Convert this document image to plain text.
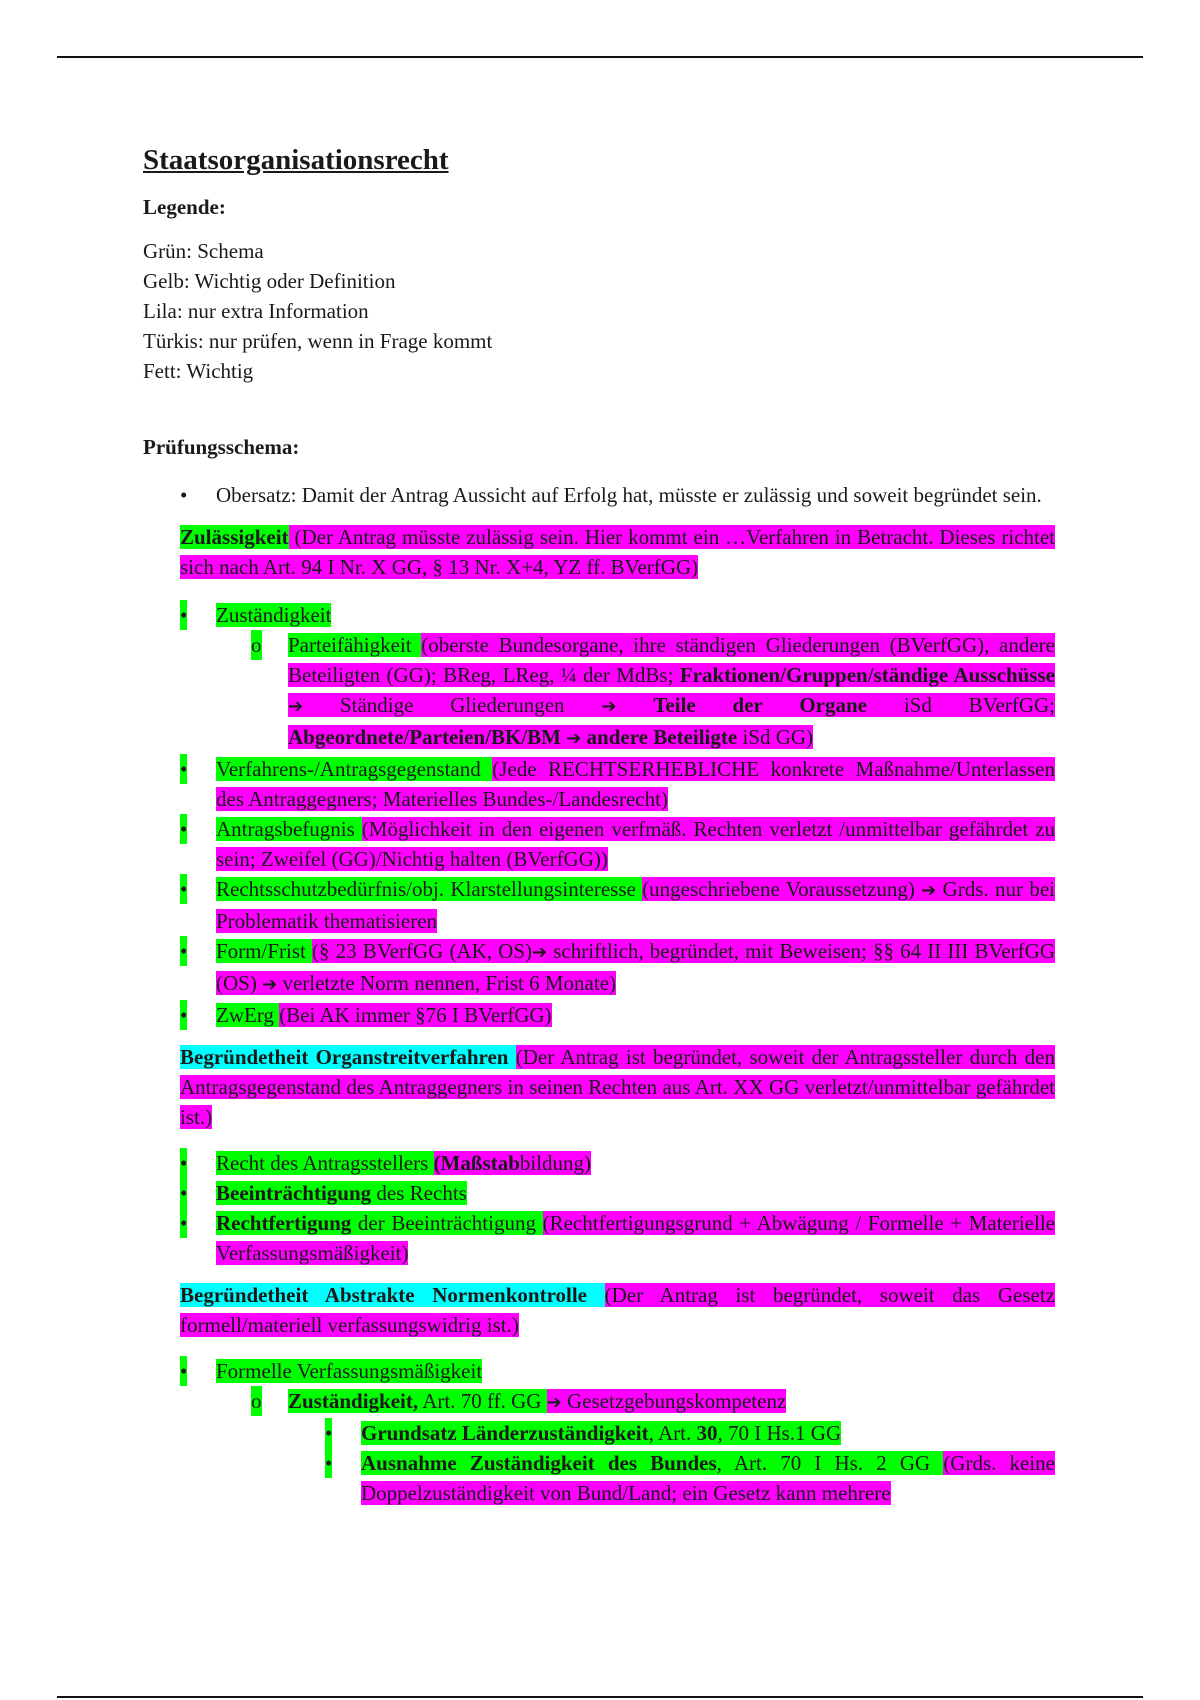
Staatsorganisationsrecht

Legende:

Grün: Schema
Gelb: Wichtig oder Definition
Lila: nur extra Information
Türkis: nur prüfen, wenn in Frage kommt
Fett: Wichtig

Prüfungsschema:

• Obersatz: Damit der Antrag Aussicht auf Erfolg hat, müsste er zulässig und soweit begründet sein.

Zulässigkeit (Der Antrag müsste zulässig sein. Hier kommt ein …Verfahren in Betracht. Dieses richtet sich nach Art. 94 I Nr. X GG, § 13 Nr. X+4, YZ ff. BVerfGG)

• Zuständigkeit
o Parteifähigkeit (oberste Bundesorgane, ihre ständigen Gliederungen (BVerfGG), andere Beteiligten (GG); BReg, LReg, ¼ der MdBs; Fraktionen/Gruppen/ständige Ausschüsse ➔ Ständige Gliederungen ➔ Teile der Organe iSd BVerfGG; Abgeordnete/Parteien/BK/BM ➔ andere Beteiligte iSd GG)
• Verfahrens-/Antragsgegenstand (Jede RECHTSERHEBLICHE konkrete Maßnahme/Unterlassen des Antraggegners; Materielles Bundes-/Landesrecht)
• Antragsbefugnis (Möglichkeit in den eigenen verfmäß. Rechten verletzt /unmittelbar gefährdet zu sein; Zweifel (GG)/Nichtig halten (BVerfGG))
• Rechtsschutzbedürfnis/obj. Klarstellungsinteresse (ungeschriebene Voraussetzung) ➔ Grds. nur bei Problematik thematisieren
• Form/Frist (§ 23 BVerfGG (AK, OS)➔ schriftlich, begründet, mit Beweisen; §§ 64 II III BVerfGG (OS) ➔ verletzte Norm nennen, Frist 6 Monate)
• ZwErg (Bei AK immer §76 I BVerfGG)

Begründetheit Organstreitverfahren (Der Antrag ist begründet, soweit der Antragssteller durch den Antragsgegenstand des Antraggegners in seinen Rechten aus Art. XX GG verletzt/unmittelbar gefährdet ist.)

• Recht des Antragsstellers (Maßstabbildung)
• Beeinträchtigung des Rechts
• Rechtfertigung der Beeinträchtigung (Rechtfertigungsgrund + Abwägung / Formelle + Materielle Verfassungsmäßigkeit)

Begründetheit Abstrakte Normenkontrolle (Der Antrag ist begründet, soweit das Gesetz formell/materiell verfassungswidrig ist.)

• Formelle Verfassungsmäßigkeit
o Zuständigkeit, Art. 70 ff. GG ➔ Gesetzgebungskompetenz
• Grundsatz Länderzuständigkeit, Art. 30, 70 I Hs.1 GG
• Ausnahme Zuständigkeit des Bundes, Art. 70 I Hs. 2 GG (Grds. keine Doppelzuständigkeit von Bund/Land; ein Gesetz kann mehrere
